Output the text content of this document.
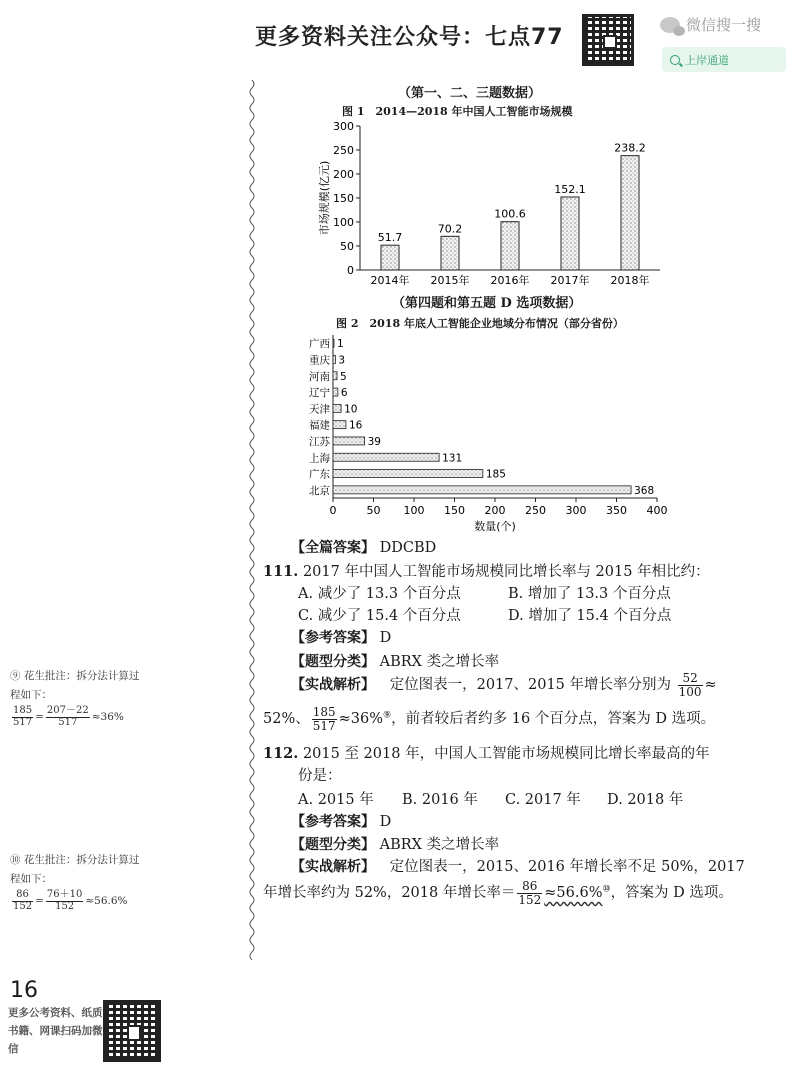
更多资料关注公众号：七点77	微信搜一搜
上岸通道
（第一、二、三题数据）
图 1　2014—2018 年中国人工智能市场规模
0
50
100
150
200
250
300
市场规模(亿元)
51.7
2014年
70.2
2015年
100.6
2016年
152.1
2017年
238.2
2018年
（第四题和第五题 D 选项数据）
图 2　2018 年底人工智能企业地域分布情况（部分省份）
0	50 100 150 200 250 300 350 400
数量(个)
1
广西
3
重庆
5
河南
6
辽宁
10
天津
16
福建
39
江苏
131
上海
185
广东
368
北京
【全篇答案】 DDCBD
111. 2017 年中国人工智能市场规模同比增长率与 2015 年相比约：
A. 减少了 13.3 个百分点	B. 增加了 13.3 个百分点
C. 减少了 15.4 个百分点	D. 增加了 15.4 个百分点
【参考答案】 D
【题型分类】 ABRX 类之增长率
【实战解析】 定位图表一，2017、2015 年增长率分别为 $\frac{52}{100}$ ≈
52%、 $\frac{185}{517} \approx 36\%^⑨$，前者较后者约多 16 个百分点，答案为 D 选项。
112. 2015 至 2018 年，中国人工智能市场规模同比增长率最高的年
份是：
A. 2015 年 B. 2016 年 C. 2017 年 D. 2018 年
【参考答案】 D
【题型分类】 ABRX 类之增长率
【实战解析】 定位图表一，2015、2016 年增长率不足 50%，2017
年增长率约为 52%，2018 年增长率＝ $\frac{86}{152} \approx 56.6\%^⑩$，答案为 D 选项。
⑨ 花生批注：拆分法计算过
程如下：
$\frac{185}{517} = \frac{207-22}{517} \approx 36\%$
⑩ 花生批注：拆分法计算过
程如下：
$\frac{86}{152} = \frac{76+10}{152} \approx 56.6\%$
16
更多公考资料、纸质书籍、网课扫码加微信
